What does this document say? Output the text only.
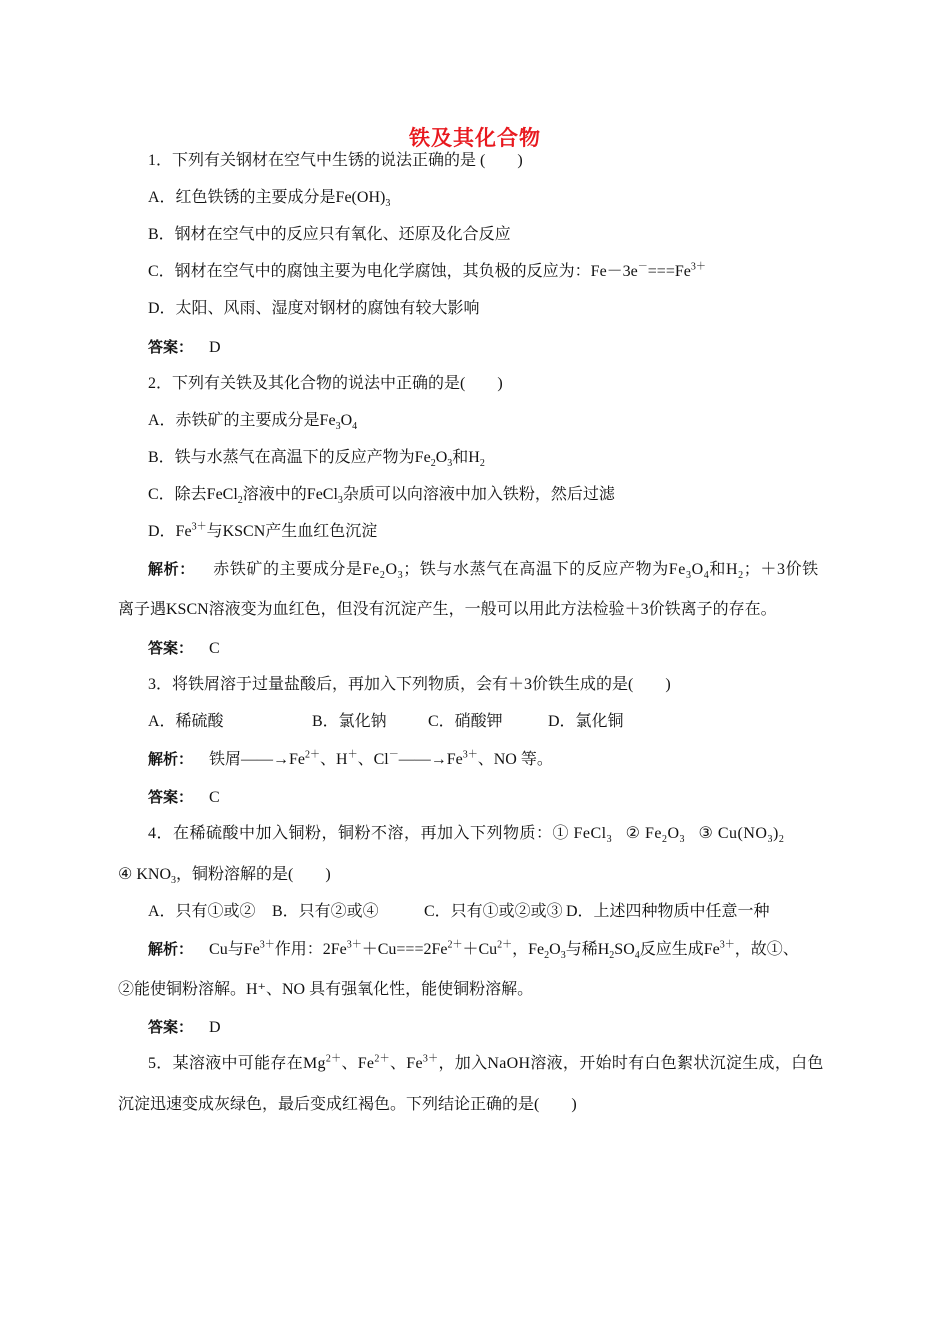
铁及其化合物
1．下列有关钢材在空气中生锈的说法正确的是 (　　)
A．红色铁锈的主要成分是$Fe(OH)_3$
B．钢材在空气中的反应只有氧化、还原及化合反应
C．钢材在空气中的腐蚀主要为电化学腐蚀，其负极的反应为：$Fe-3e^-===Fe^{3+}$
D．太阳、风雨、湿度对钢材的腐蚀有较大影响
答案： D
2．下列有关铁及其化合物的说法中正确的是(　　)
A．赤铁矿的主要成分是$Fe_3O_4$
B．铁与水蒸气在高温下的反应产物为$Fe_2O_3$和$H_2$
C．除去FeCl$_2$溶液中的FeCl$_3$杂质可以向溶液中加入铁粉，然后过滤
D．$Fe^{3+}$与KSCN产生血红色沉淀
解析： 赤铁矿的主要成分是$Fe_2O_3$；铁与水蒸气在高温下的反应产物为$Fe_3O_4$和$H_2$；＋3价铁
离子遇KSCN溶液变为血红色，但没有沉淀产生，一般可以用此方法检验＋3价铁离子的存在。
答案： C
3．将铁屑溶于过量盐酸后，再加入下列物质，会有＋3价铁生成的是(　　)
A．稀硫酸	B．氯化钠	C．硝酸钾	D．氯化铜
解析： 铁屑$——\to Fe^{2+}$、H＋、$Cl^-——\to Fe^{3+}$、NO 等。
答案： C
4．在稀硫酸中加入铜粉，铜粉不溶，再加入下列物质：① FeCl$_3$   ② $Fe_2O_3$   ③ $Cu(NO_3)_2$
④ $KNO_3$，铜粉溶解的是(　　)
A．只有①或② B．只有②或④	C．只有①或②或③ D．上述四种物质中任意一种
解析：    Cu与$Fe^{3+}$作用：$2Fe^{3+}+Cu===2Fe^{2+}+Cu^{2+}$，$Fe_2O_3$与稀$H_2SO_4$反应生成$Fe^{3+}$，故①、
②能使铜粉溶解。H⁺、NO 具有强氧化性，能使铜粉溶解。
答案： D
5．某溶液中可能存在$Mg^{2+}$、$Fe^{2+}$、$Fe^{3+}$，加入NaOH溶液，开始时有白色絮状沉淀生成，白色
沉淀迅速变成灰绿色，最后变成红褐色。下列结论正确的是(　　)
